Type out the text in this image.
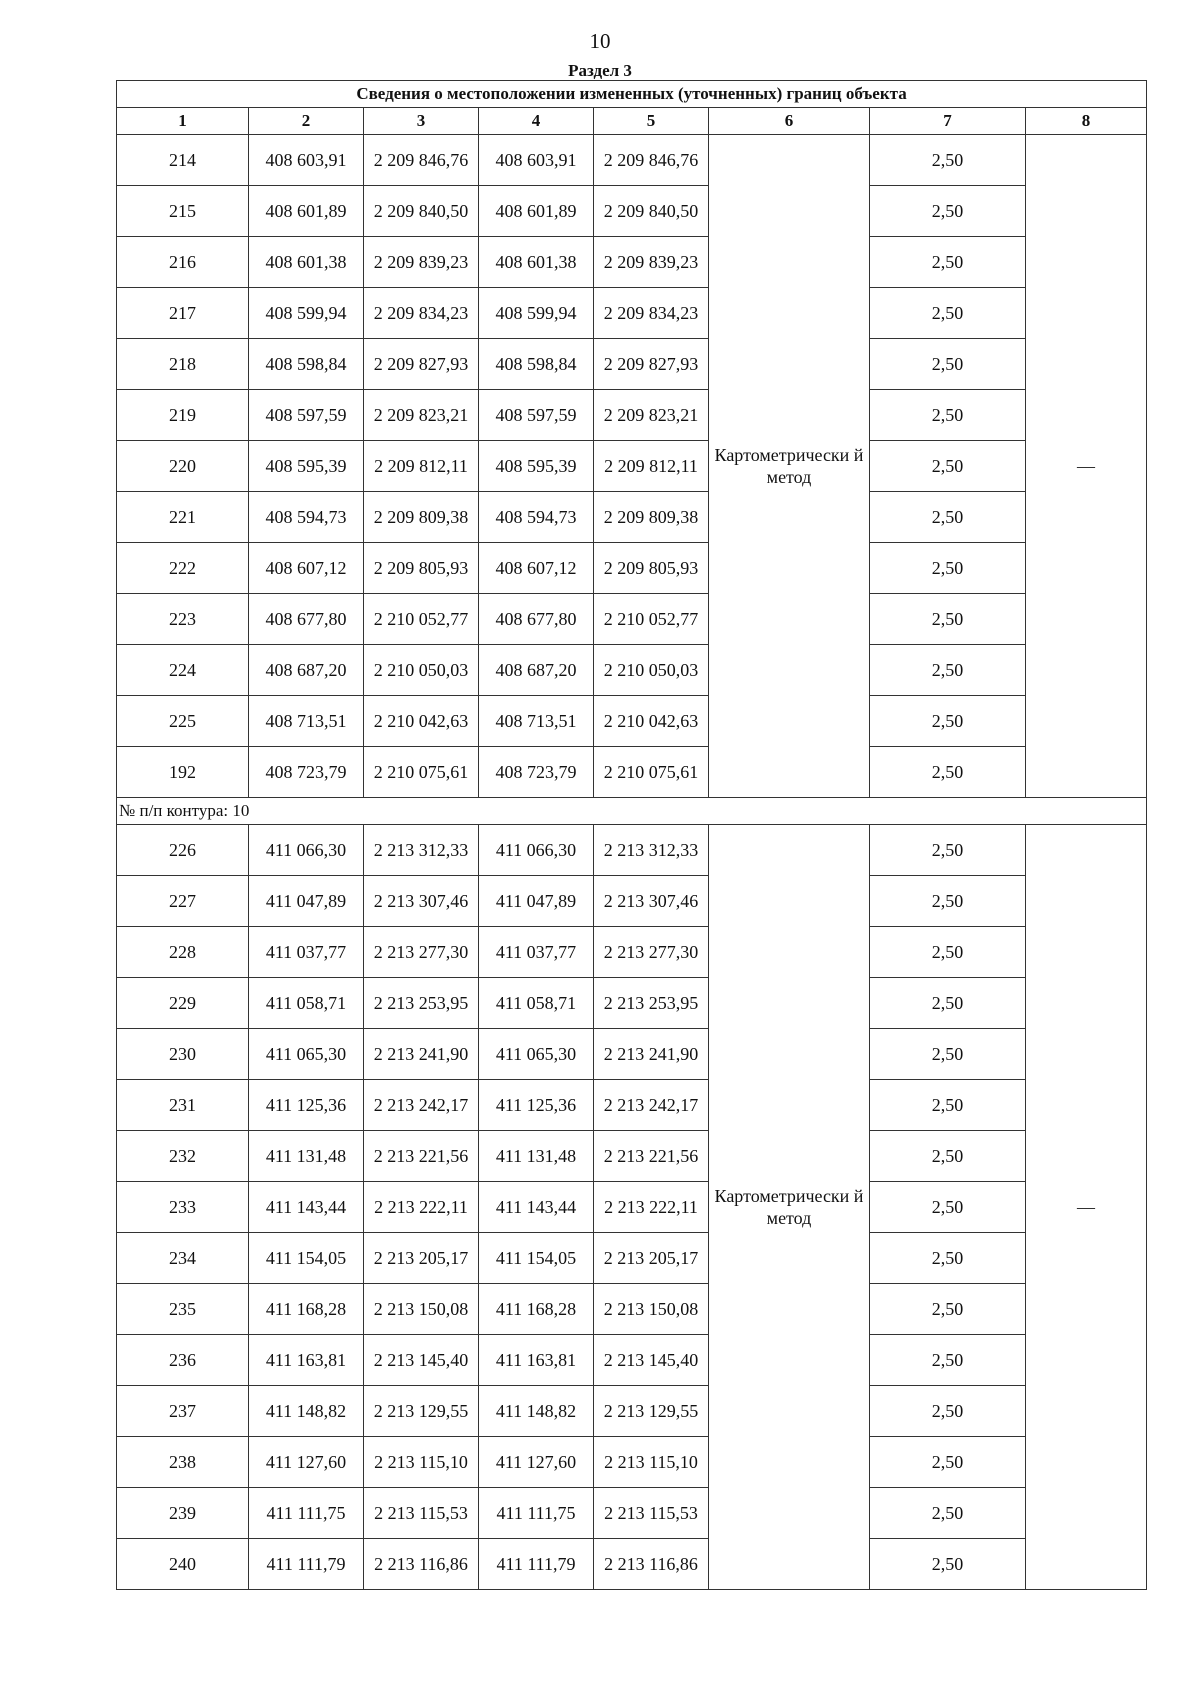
10
Раздел 3
Сведения о местоположении измененных (уточненных) границ объекта							
1	2	3	4	5	6	7	8
214	408 603,91	2 209 846,76	408 603,91	2 209 846,76	Картометрически й метод	2,50	—
215	408 601,89	2 209 840,50	408 601,89	2 209 840,50		2,50	
216	408 601,38	2 209 839,23	408 601,38	2 209 839,23		2,50	
217	408 599,94	2 209 834,23	408 599,94	2 209 834,23		2,50	
218	408 598,84	2 209 827,93	408 598,84	2 209 827,93		2,50	
219	408 597,59	2 209 823,21	408 597,59	2 209 823,21		2,50	
220	408 595,39	2 209 812,11	408 595,39	2 209 812,11		2,50	
221	408 594,73	2 209 809,38	408 594,73	2 209 809,38		2,50	
222	408 607,12	2 209 805,93	408 607,12	2 209 805,93		2,50	
223	408 677,80	2 210 052,77	408 677,80	2 210 052,77		2,50	
224	408 687,20	2 210 050,03	408 687,20	2 210 050,03		2,50	
225	408 713,51	2 210 042,63	408 713,51	2 210 042,63		2,50	
192	408 723,79	2 210 075,61	408 723,79	2 210 075,61		2,50	
№ п/п контура: 10							
226	411 066,30	2 213 312,33	411 066,30	2 213 312,33	Картометрически й метод	2,50	—
227	411 047,89	2 213 307,46	411 047,89	2 213 307,46		2,50	
228	411 037,77	2 213 277,30	411 037,77	2 213 277,30		2,50	
229	411 058,71	2 213 253,95	411 058,71	2 213 253,95		2,50	
230	411 065,30	2 213 241,90	411 065,30	2 213 241,90		2,50	
231	411 125,36	2 213 242,17	411 125,36	2 213 242,17		2,50	
232	411 131,48	2 213 221,56	411 131,48	2 213 221,56		2,50	
233	411 143,44	2 213 222,11	411 143,44	2 213 222,11		2,50	
234	411 154,05	2 213 205,17	411 154,05	2 213 205,17		2,50	
235	411 168,28	2 213 150,08	411 168,28	2 213 150,08		2,50	
236	411 163,81	2 213 145,40	411 163,81	2 213 145,40		2,50	
237	411 148,82	2 213 129,55	411 148,82	2 213 129,55		2,50	
238	411 127,60	2 213 115,10	411 127,60	2 213 115,10		2,50	
239	411 111,75	2 213 115,53	411 111,75	2 213 115,53		2,50	
240	411 111,79	2 213 116,86	411 111,79	2 213 116,86		2,50	
